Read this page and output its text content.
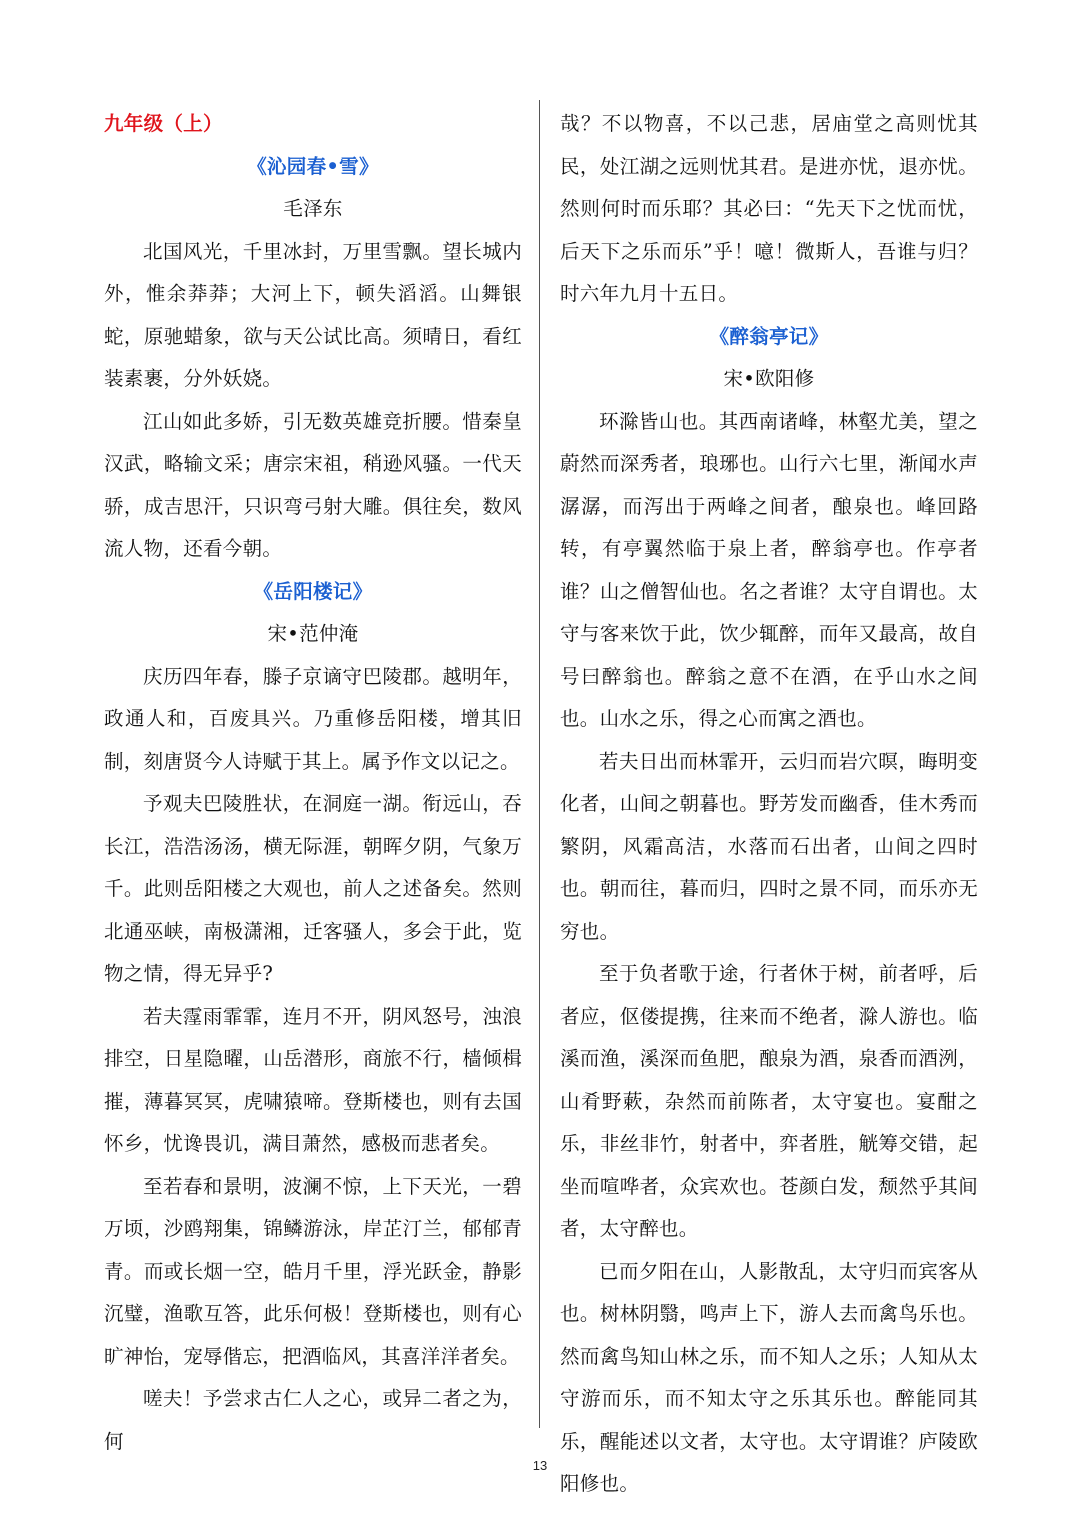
九年级（上）

《沁园春•雪》

毛泽东

北国风光，千里冰封，万里雪飘。望长城内外，惟余莽莽；大河上下，顿失滔滔。山舞银蛇，原驰蜡象，欲与天公试比高。须晴日，看红装素裹，分外妖娆。

江山如此多娇，引无数英雄竞折腰。惜秦皇汉武，略输文采；唐宗宋祖，稍逊风骚。一代天骄，成吉思汗，只识弯弓射大雕。俱往矣，数风流人物，还看今朝。

《岳阳楼记》

宋•范仲淹

庆历四年春，滕子京谪守巴陵郡。越明年，政通人和，百废具兴。乃重修岳阳楼，增其旧制，刻唐贤今人诗赋于其上。属予作文以记之。

予观夫巴陵胜状，在洞庭一湖。衔远山，吞长江，浩浩汤汤，横无际涯，朝晖夕阴，气象万千。此则岳阳楼之大观也，前人之述备矣。然则北通巫峡，南极潇湘，迁客骚人，多会于此，览物之情，得无异乎?

若夫霪雨霏霏，连月不开，阴风怒号，浊浪排空，日星隐曜，山岳潜形，商旅不行，樯倾楫摧，薄暮冥冥，虎啸猿啼。登斯楼也，则有去国怀乡，忧谗畏讥，满目萧然，感极而悲者矣。

至若春和景明，波澜不惊，上下天光，一碧万顷，沙鸥翔集，锦鳞游泳，岸芷汀兰，郁郁青青。而或长烟一空，皓月千里，浮光跃金，静影沉璧，渔歌互答，此乐何极！登斯楼也，则有心旷神怡，宠辱偕忘，把酒临风，其喜洋洋者矣。

嗟夫！予尝求古仁人之心，或异二者之为，何

哉？不以物喜，不以己悲，居庙堂之高则忧其民，处江湖之远则忧其君。是进亦忧，退亦忧。然则何时而乐耶？其必曰：“先天下之忧而忧，后天下之乐而乐”乎！噫！微斯人，吾谁与归？时六年九月十五日。

《醉翁亭记》

宋•欧阳修

环滁皆山也。其西南诸峰，林壑尤美，望之蔚然而深秀者，琅琊也。山行六七里，渐闻水声潺潺，而泻出于两峰之间者，酿泉也。峰回路转，有亭翼然临于泉上者，醉翁亭也。作亭者谁？山之僧智仙也。名之者谁？太守自谓也。太守与客来饮于此，饮少辄醉，而年又最高，故自号曰醉翁也。醉翁之意不在酒，在乎山水之间也。山水之乐，得之心而寓之酒也。

若夫日出而林霏开，云归而岩穴暝，晦明变化者，山间之朝暮也。野芳发而幽香，佳木秀而繁阴，风霜高洁，水落而石出者，山间之四时也。朝而往，暮而归，四时之景不同，而乐亦无穷也。

至于负者歌于途，行者休于树，前者呼，后者应，伛偻提携，往来而不绝者，滁人游也。临溪而渔，溪深而鱼肥，酿泉为酒，泉香而酒洌，山肴野蔌，杂然而前陈者，太守宴也。宴酣之乐，非丝非竹，射者中，弈者胜，觥筹交错，起坐而喧哗者，众宾欢也。苍颜白发，颓然乎其间者，太守醉也。

已而夕阳在山，人影散乱，太守归而宾客从也。树林阴翳，鸣声上下，游人去而禽鸟乐也。然而禽鸟知山林之乐，而不知人之乐；人知从太守游而乐，而不知太守之乐其乐也。醉能同其乐，醒能述以文者，太守也。太守谓谁？庐陵欧阳修也。

13
